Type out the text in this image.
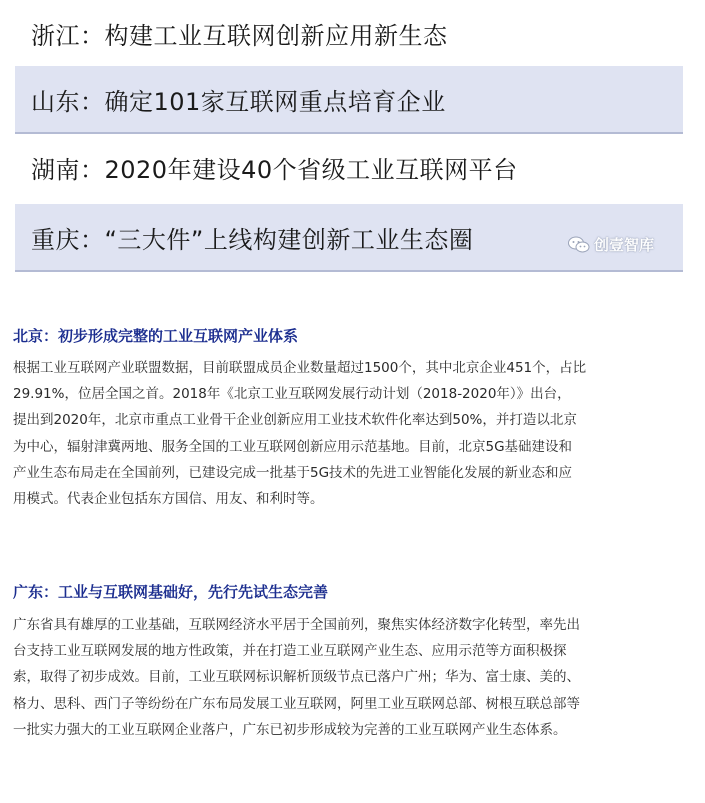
浙江：构建工业互联网创新应用新生态
山东：确定101家互联网重点培育企业
湖南：2020年建设40个省级工业互联网平台
重庆：“三大件”上线构建创新工业生态圈	创壹智库
北京：初步形成完整的工业互联网产业体系
根据工业互联网产业联盟数据，目前联盟成员企业数量超过1500个，其中北京企业451个，占比
29.91%，位居全国之首。2018年《北京工业互联网发展行动计划（2018-2020年）》出台，
提出到2020年，北京市重点工业骨干企业创新应用工业技术软件化率达到50%，并打造以北京
为中心，辐射津冀两地、服务全国的工业互联网创新应用示范基地。目前，北京5G基础建设和
产业生态布局走在全国前列，已建设完成一批基于5G技术的先进工业智能化发展的新业态和应
用模式。代表企业包括东方国信、用友、和利时等。
广东：工业与互联网基础好，先行先试生态完善
广东省具有雄厚的工业基础，互联网经济水平居于全国前列，聚焦实体经济数字化转型，率先出
台支持工业互联网发展的地方性政策，并在打造工业互联网产业生态、应用示范等方面积极探
索，取得了初步成效。目前，工业互联网标识解析顶级节点已落户广州；华为、富士康、美的、
格力、思科、西门子等纷纷在广东布局发展工业互联网，阿里工业互联网总部、树根互联总部等
一批实力强大的工业互联网企业落户，广东已初步形成较为完善的工业互联网产业生态体系。
